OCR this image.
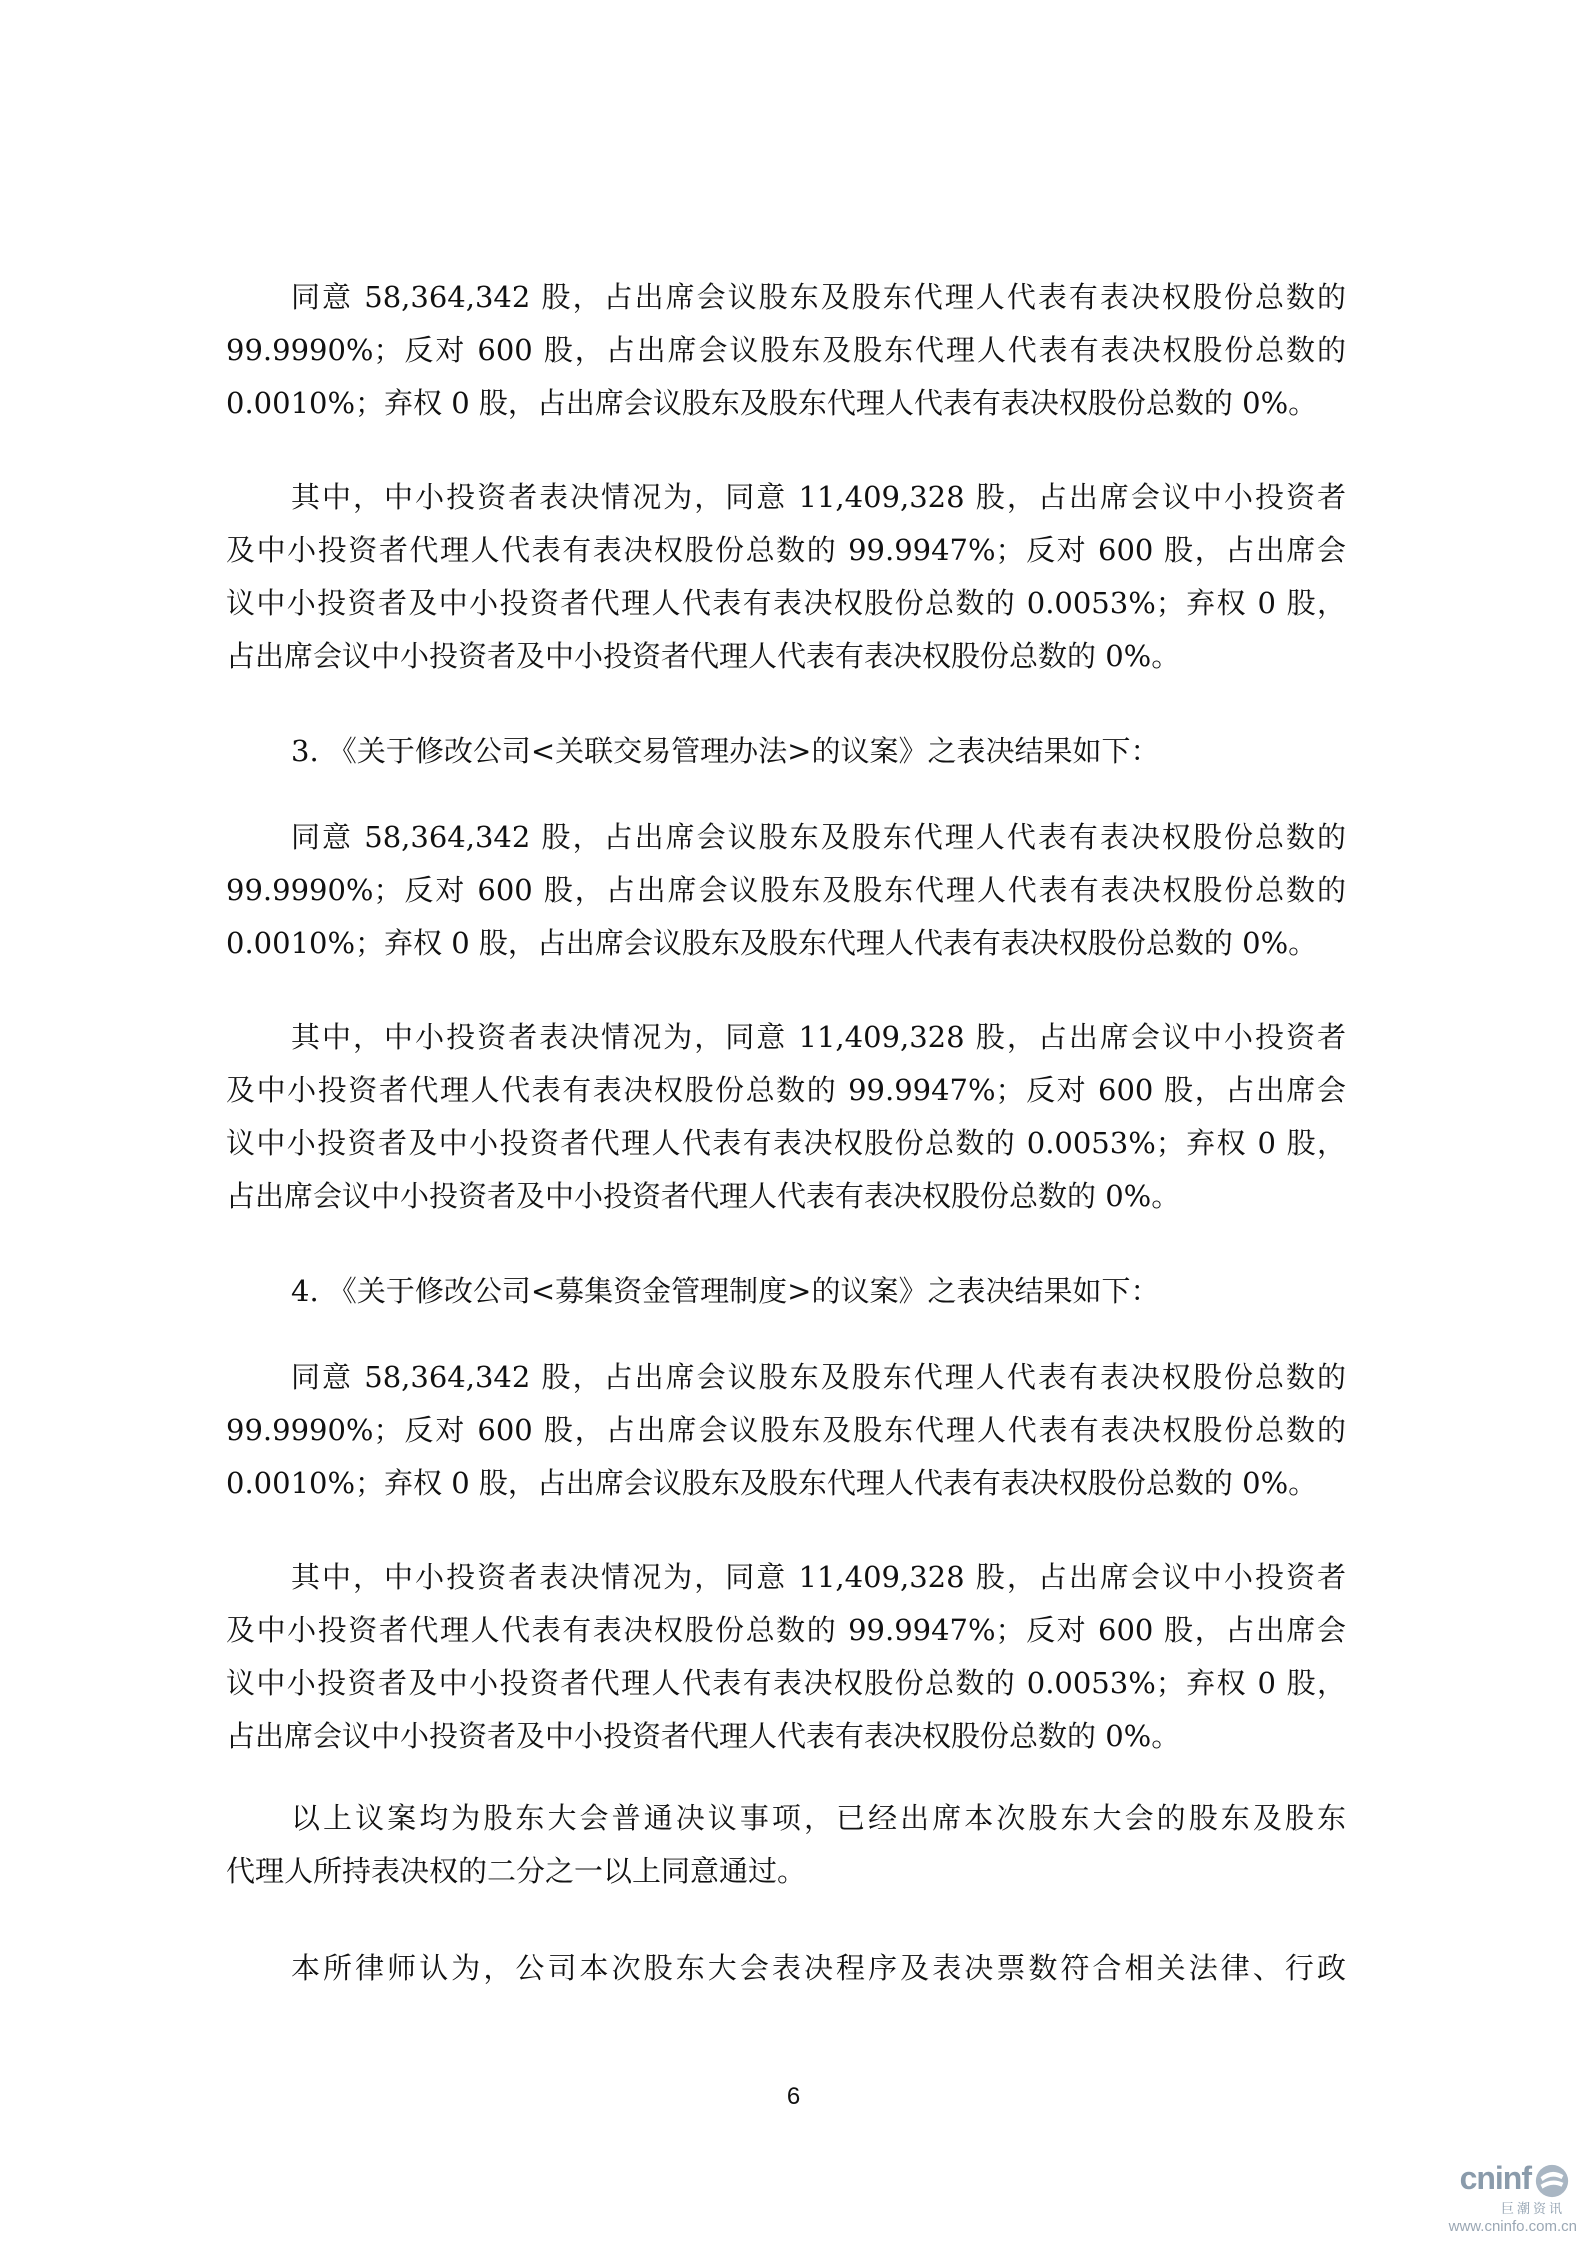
同意 58,364,342 股，占出席会议股东及股东代理人代表有表决权股份总数的
99.9990%；反对 600 股，占出席会议股东及股东代理人代表有表决权股份总数的
0.0010%；弃权 0 股，占出席会议股东及股东代理人代表有表决权股份总数的 0%。
其中，中小投资者表决情况为，同意 11,409,328 股，占出席会议中小投资者
及中小投资者代理人代表有表决权股份总数的 99.9947%；反对 600 股，占出席会
议中小投资者及中小投资者代理人代表有表决权股份总数的 0.0053%；弃权 0 股，
占出席会议中小投资者及中小投资者代理人代表有表决权股份总数的 0%。
3. 《关于修改公司<关联交易管理办法>的议案》之表决结果如下：
同意 58,364,342 股，占出席会议股东及股东代理人代表有表决权股份总数的
99.9990%；反对 600 股，占出席会议股东及股东代理人代表有表决权股份总数的
0.0010%；弃权 0 股，占出席会议股东及股东代理人代表有表决权股份总数的 0%。
其中，中小投资者表决情况为，同意 11,409,328 股，占出席会议中小投资者
及中小投资者代理人代表有表决权股份总数的 99.9947%；反对 600 股，占出席会
议中小投资者及中小投资者代理人代表有表决权股份总数的 0.0053%；弃权 0 股，
占出席会议中小投资者及中小投资者代理人代表有表决权股份总数的 0%。
4. 《关于修改公司<募集资金管理制度>的议案》之表决结果如下：
同意 58,364,342 股，占出席会议股东及股东代理人代表有表决权股份总数的
99.9990%；反对 600 股，占出席会议股东及股东代理人代表有表决权股份总数的
0.0010%；弃权 0 股，占出席会议股东及股东代理人代表有表决权股份总数的 0%。
其中，中小投资者表决情况为，同意 11,409,328 股，占出席会议中小投资者
及中小投资者代理人代表有表决权股份总数的 99.9947%；反对 600 股，占出席会
议中小投资者及中小投资者代理人代表有表决权股份总数的 0.0053%；弃权 0 股，
占出席会议中小投资者及中小投资者代理人代表有表决权股份总数的 0%。
以上议案均为股东大会普通决议事项，已经出席本次股东大会的股东及股东
代理人所持表决权的二分之一以上同意通过。
本所律师认为，公司本次股东大会表决程序及表决票数符合相关法律、行政
6
cninf
巨潮资讯
www.cninfo.com.cn
